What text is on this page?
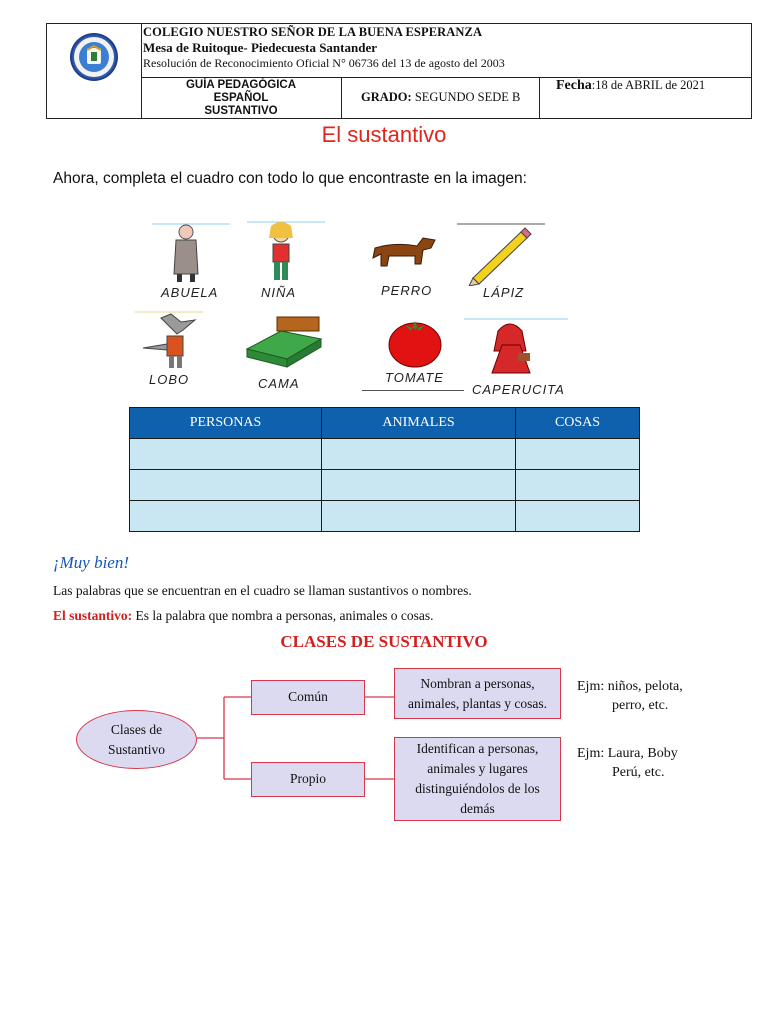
COLEGIO NUESTRO SEÑOR DE LA BUENA ESPERANZA
Mesa de Ruitoque- Piedecuesta Santander
Resolución de Reconocimiento Oficial N° 06736 del 13 de agosto del 2003
GUÍA PEDAGÓGICA
ESPAÑOL
SUSTANTIVO
GRADO: SEGUNDO SEDE B
Fecha:18 de ABRIL de 2021
El sustantivo
Ahora, completa el cuadro con todo lo que encontraste en la imagen:
ABUELA	NIÑA	PERRO	LÁPIZ
LOBO	CAMA	TOMATE
CAPERUCITA
PERSONAS	ANIMALES	COSAS

¡Muy bien!
Las palabras que se encuentran en el cuadro se llaman sustantivos o nombres.
El sustantivo: Es la palabra que nombra a personas, animales o cosas.
CLASES DE SUSTANTIVO
Clases de
Sustantivo
Común
Propio
Nombran a personas,
animales, plantas y cosas.
Identifican a personas,
animales y lugares
distinguiéndolos de los
demás
Ejm: niños, pelota,
perro, etc.
Ejm: Laura, Boby
Perú, etc.
